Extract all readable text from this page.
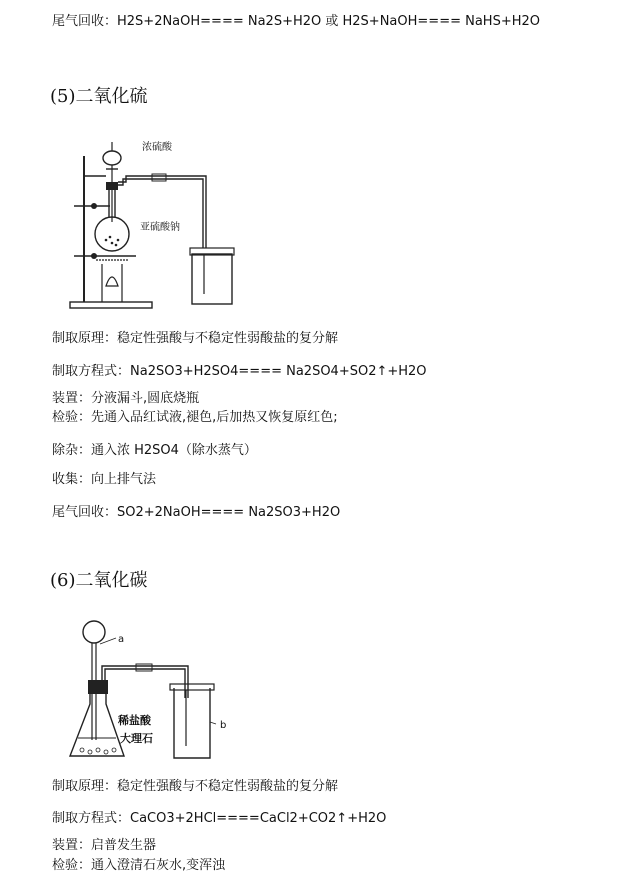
尾气回收：H2S+2NaOH==== Na2S+H2O 或 H2S+NaOH==== NaHS+H2O
(5)二氧化硫
浓硫酸
亚硫酸钠
制取原理：稳定性强酸与不稳定性弱酸盐的复分解
制取方程式：Na2SO3+H2SO4==== Na2SO4+SO2↑+H2O
装置：分液漏斗,圆底烧瓶
检验：先通入品红试液,褪色,后加热又恢复原红色;
除杂：通入浓 H2SO4（除水蒸气）
收集：向上排气法
尾气回收：SO2+2NaOH==== Na2SO3+H2O
(6)二氧化碳
a
b
稀盐酸
大理石
制取原理：稳定性强酸与不稳定性弱酸盐的复分解
制取方程式：CaCO3+2HCl====CaCl2+CO2↑+H2O
装置：启普发生器
检验：通入澄清石灰水,变浑浊
